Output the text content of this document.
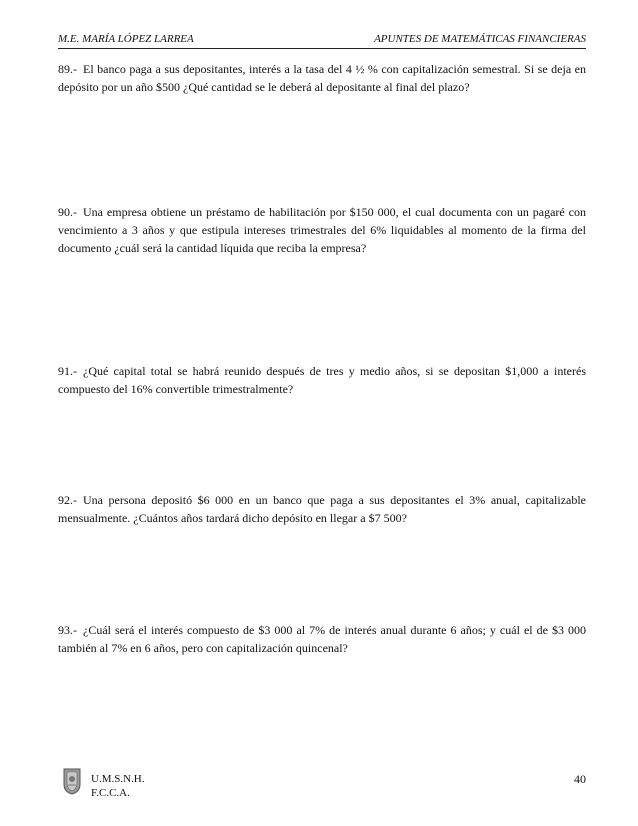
M.E. MARÍA LÓPEZ LARREA	APUNTES DE MATEMÁTICAS FINANCIERAS
89.- El banco paga a sus depositantes, interés a la tasa del 4 ½ % con capitalización semestral. Si se deja en depósito por un año $500 ¿Qué cantidad se le deberá al depositante al final del plazo?
90.- Una empresa obtiene un préstamo de habilitación por $150 000, el cual documenta con un pagaré con vencimiento a 3 años y que estipula intereses trimestrales del 6% liquidables al momento de la firma del documento ¿cuál será la cantidad líquida que reciba la empresa?
91.- ¿Qué capital total se habrá reunido después de tres y medio años, si se depositan $1,000 a interés compuesto del 16% convertible trimestralmente?
92.- Una persona depositó $6 000 en un banco que paga a sus depositantes el 3% anual, capitalizable mensualmente. ¿Cuántos años tardará dicho depósito en llegar a $7 500?
93.- ¿Cuál será el interés compuesto de $3 000 al 7% de interés anual durante 6 años; y cuál el de $3 000 también al 7% en 6 años, pero con capitalización quincenal?
U.M.S.N.H.
F.C.C.A.
40
